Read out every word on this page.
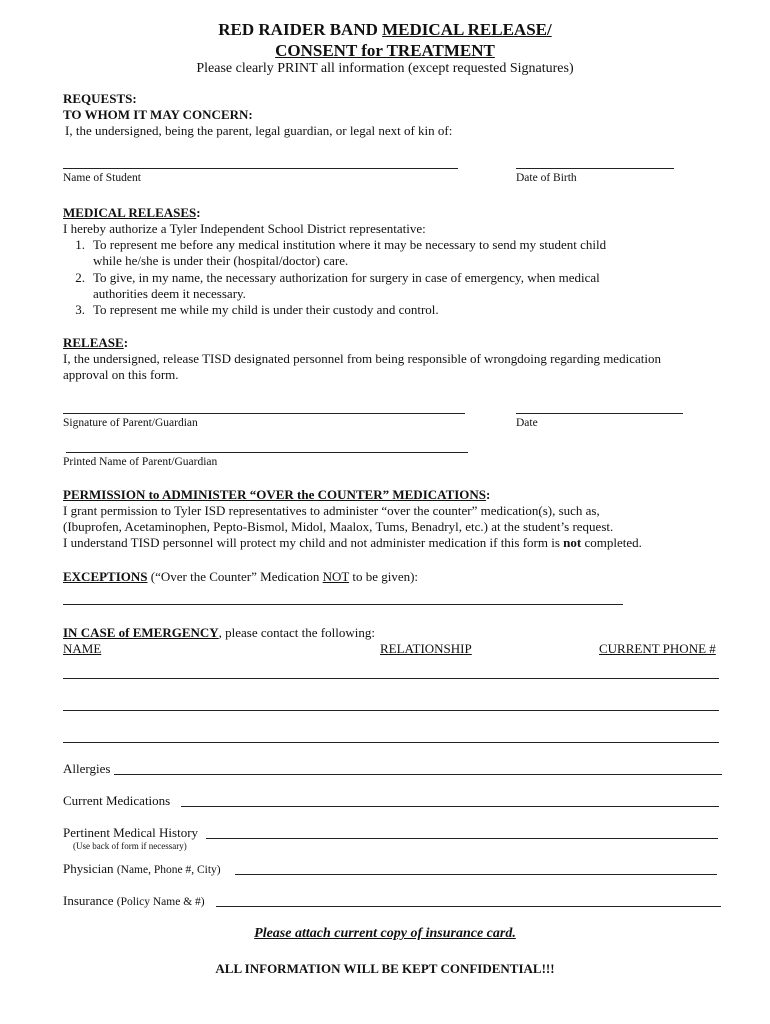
RED RAIDER BAND MEDICAL RELEASE/
CONSENT for TREATMENT
Please clearly PRINT all information (except requested Signatures)
REQUESTS:
TO WHOM IT MAY CONCERN:
I, the undersigned, being the parent, legal guardian, or legal next of kin of:
Name of Student	Date of Birth
MEDICAL RELEASES:
I hereby authorize a Tyler Independent School District representative:
1. To represent me before any medical institution where it may be necessary to send my student child
while he/she is under their (hospital/doctor) care.
2. To give, in my name, the necessary authorization for surgery in case of emergency, when medical
authorities deem it necessary.
3. To represent me while my child is under their custody and control.
RELEASE:
I, the undersigned, release TISD designated personnel from being responsible of wrongdoing regarding medication
approval on this form.
Signature of Parent/Guardian	Date
Printed Name of Parent/Guardian
PERMISSION to ADMINISTER “OVER the COUNTER” MEDICATIONS:
I grant permission to Tyler ISD representatives to administer “over the counter” medication(s), such as,
(Ibuprofen, Acetaminophen, Pepto-Bismol, Midol, Maalox, Tums, Benadryl, etc.) at the student’s request.
I understand TISD personnel will protect my child and not administer medication if this form is not completed.
EXCEPTIONS (“Over the Counter” Medication NOT to be given):
IN CASE of EMERGENCY, please contact the following:
NAME	RELATIONSHIP	CURRENT PHONE #
Allergies
Current Medications
Pertinent Medical History
(Use back of form if necessary)
Physician (Name, Phone #, City)
Insurance (Policy Name & #)
Please attach current copy of insurance card.
ALL INFORMATION WILL BE KEPT CONFIDENTIAL!!!
